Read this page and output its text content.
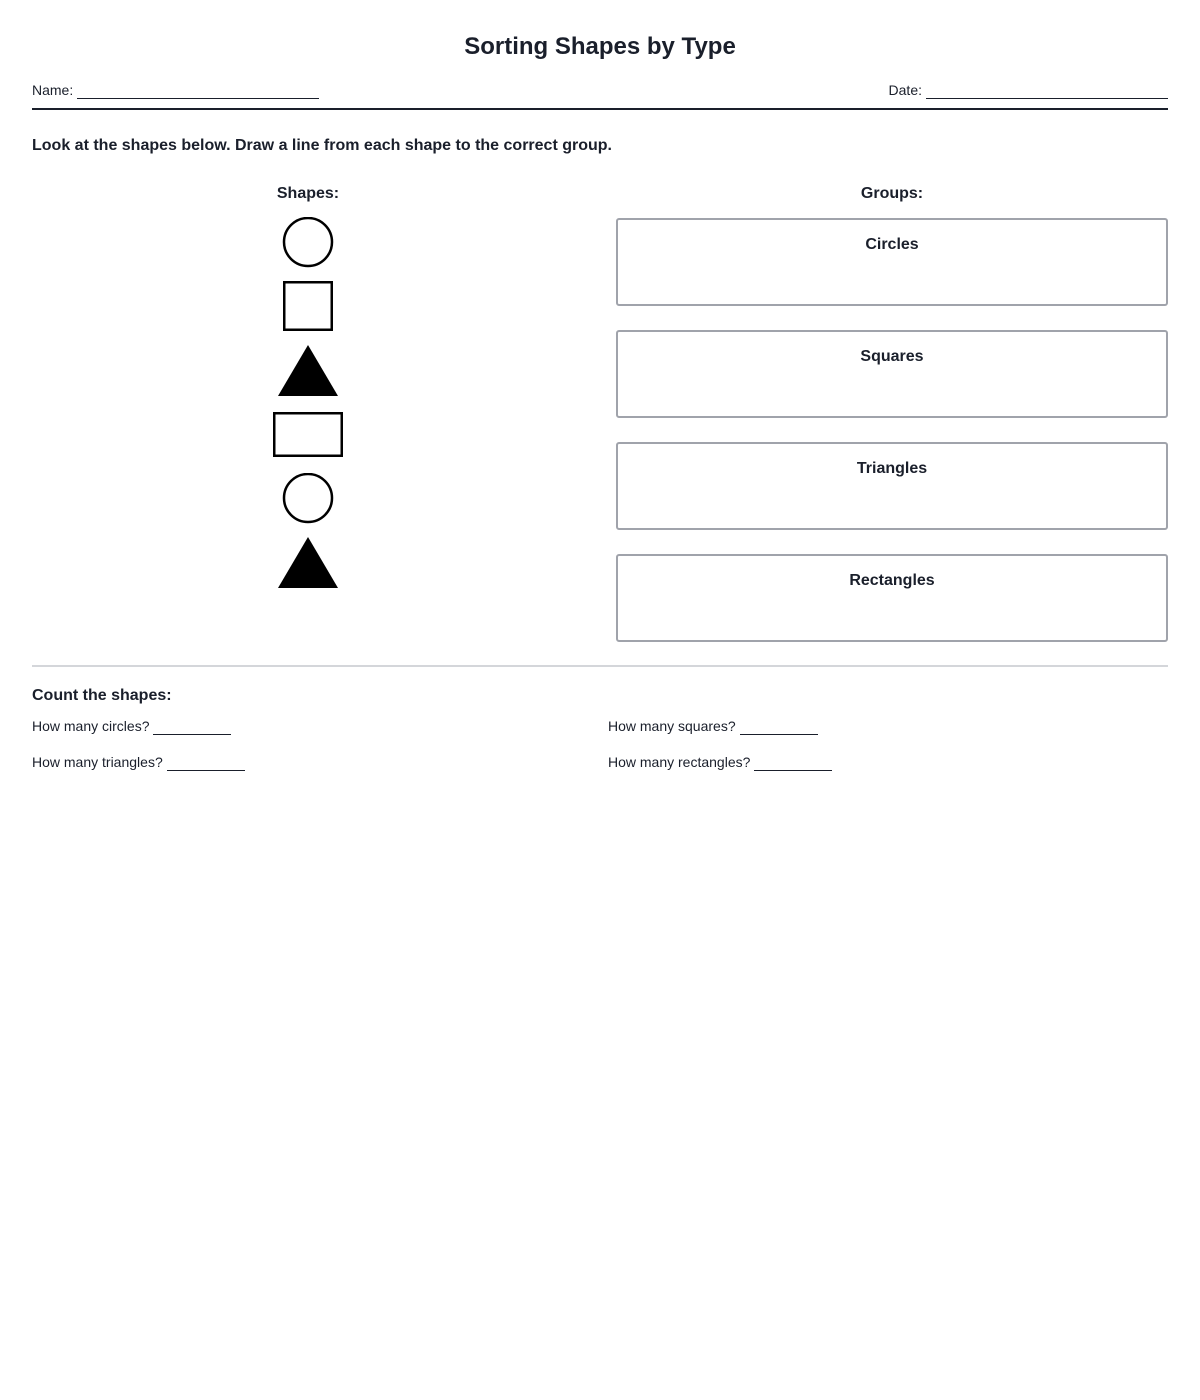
Sorting Shapes by Type
Name:	Date:
Look at the shapes below. Draw a line from each shape to the correct group.
Shapes:	Groups:
Circles
Squares
Triangles
Rectangles
Count the shapes:
How many circles?	How many squares?
How many triangles?	How many rectangles?
